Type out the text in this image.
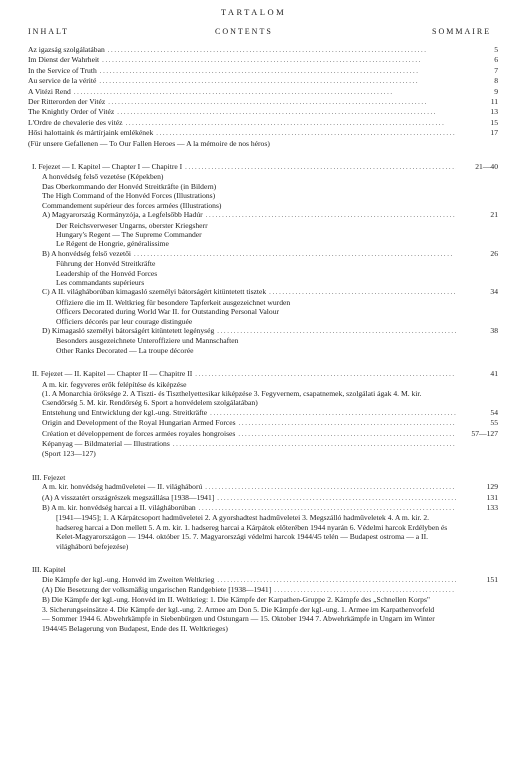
TARTALOM
INHALT	CONTENTS	SOMMAIRE
Az igazság szolgálatában . . .	5
Im Dienst der Wahrheit . . .	6
In the Service of Truth . . .	7
Au service de la vérité . . .	8
A Vitézi Rend . . .	9
Der Ritterorden der Vitéz . . .	11
The Knightly Order of Vitéz . . .	13
L'Ordre de chevalerie des vitéz . . .	15
Hősi halottaink és mártírjaink emlékének . . .	17
(Für unsere Gefallenen — To Our Fallen Heroes — A la mémoire de nos héros)
I. Fejezet — I. Kapitel — Chapter I — Chapitre I . . .	21—40
A honvédség felső vezetése (Képekben)
Das Oberkommando der Honvéd Streitkräfte (in Bildern)
The High Command of the Honvéd Forces (Illustrations)
Commandement supérieur des forces armées (Illustrations)
A) Magyarország Kormányzója, a Legfelsőbb Hadúr . . .	21
Der Reichsverweser Ungarns, oberster Kriegsherr
Hungary's Regent — The Supreme Commander
Le Régent de Hongrie, généralissime
B) A honvédség felső vezetői . . .	26
Führung der Honvéd Streitkräfte
Leadership of the Honvéd Forces
Les commandants supérieurs
C) A II. világháborúban kimagasló személyi bátorságért kitüntetett tisztek . . .	34
Offiziere die im II. Weltkrieg für besondere Tapferkeit ausgezeichnet wurden
Officers Decorated during World War II. for Outstanding Personal Valour
Officiers décorés par leur courage distinguée
D) Kimagasló személyi bátorságért kitüntetett legénység . . .	38
Besonders ausgezeichnete Unteroffiziere und Mannschaften
Other Ranks Decorated — La troupe décorée
II. Fejezet — II. Kapitel — Chapter II — Chapitre II . . .	41
A m. kir. fegyveres erők felépítése és kiképzése
(1. A Monarchia öröksége 2. A Tiszti- és Tiszthelyettesikar kiképzése 3. Fegyvernem, csapatnemek, szolgálati ágak 4. M. kir. Csendőrség 5. M. kir. Rendőrség 6. Sport a honvédelem szolgálatában)
Entstehung und Entwicklung der kgl.-ung. Streitkräfte . . .	54
Origin and Development of the Royal Hungarian Armed Forces . . .	55
Création et développement de forces armées royales hongroises . . .	57—127
Képanyag — Bildmaterial — Illustrations
. . .
(Sport 123—127)
III. Fejezet
A m. kir. honvédség hadműveletei — II. világháború . . .	129
(A) A visszatért országrészek megszállása [1938—1941] . . .	131
B) A m. kir. honvédség harcai a II. világháborúban . . .	133
[1941—1945]; 1. A Kárpátcsoport hadműveletei 2. A gyorshadtest hadműveletei 3. Megszálló hadműveletek 4. A m. kir. 2. hadsereg harcai a Don mellett 5. A m. kir. 1. hadsereg harcai a Kárpátok előterében 1944 nyarán 6. Védelmi harcok Erdélyben és Kelet-Magyarországon — 1944. október 15. 7. Magyarországi védelmi harcok 1944/45 telén — Budapest ostroma — a II. világháború befejezése)
III. Kapitel
Die Kämpfe der kgl.-ung. Honvéd im Zweiten Weltkrieg . . .	151
(A) Die Besetzung der volksmäßig ungarischen Randgebiete [1938—1941]
. . .
B) Die Kämpfe der kgl.-ung. Honvéd im II. Weltkrieg: 1. Die Kämpfe der Karpathen-Gruppe 2. Kämpfe des „Schnellen Korps" 3. Sicherungseinsätze 4. Die Kämpfe der kgl.-ung. 2. Armee am Don 5. Die Kämpfe der kgl.-ung. 1. Armee im Karpathenvorfeld — Sommer 1944 6. Abwehrkämpfe in Siebenbürgen und Ostungarn — 15. Oktober 1944 7. Abwehrkämpfe in Ungarn im Winter 1944/45 Belagerung von Budapest, Ende des II. Weltkrieges)
